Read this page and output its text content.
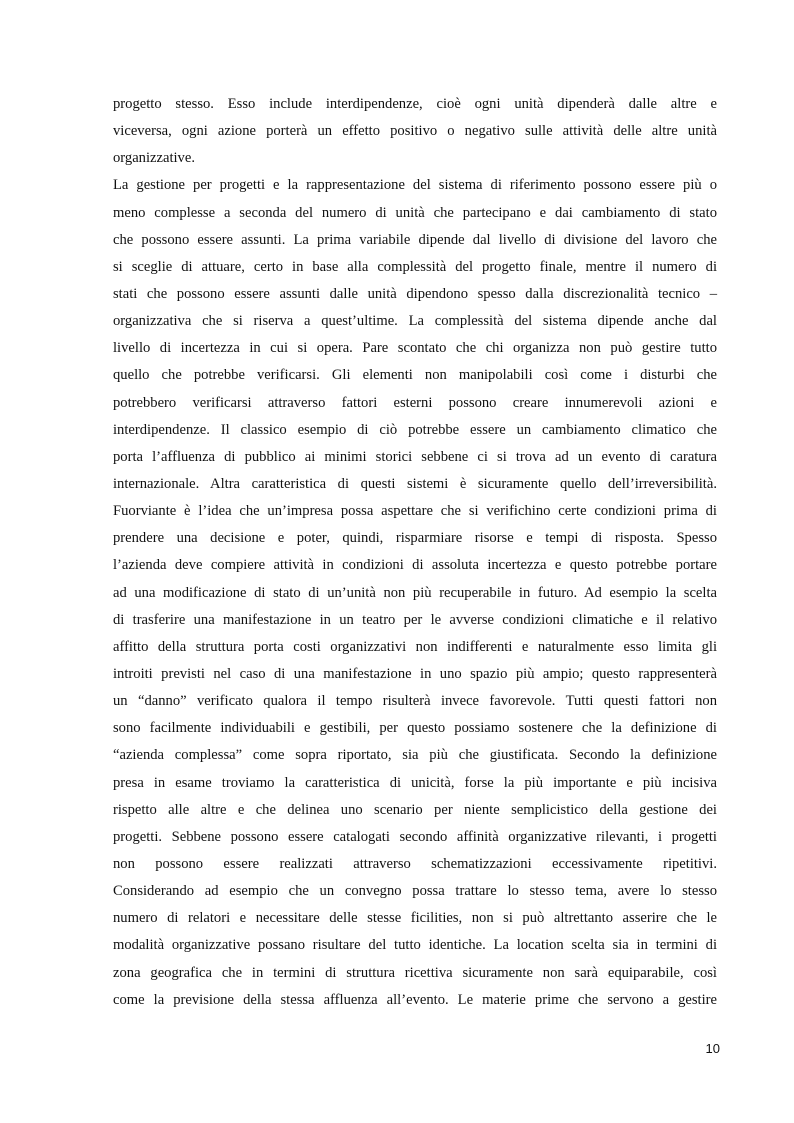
progetto stesso. Esso include interdipendenze, cioè ogni unità dipenderà dalle altre e
viceversa, ogni azione porterà un effetto positivo o negativo sulle attività delle altre unità
organizzative.
La gestione per progetti e la rappresentazione del sistema di riferimento possono essere più o
meno complesse a seconda del numero di unità che partecipano e dai cambiamento di stato
che possono essere assunti. La prima variabile dipende dal livello di divisione del lavoro che
si sceglie di attuare, certo in base alla complessità del progetto finale, mentre il numero di
stati che possono essere assunti dalle unità dipendono spesso dalla discrezionalità tecnico –
organizzativa che si riserva a quest’ultime. La complessità del sistema dipende anche dal
livello di incertezza in cui si opera. Pare scontato che chi organizza non può gestire tutto
quello che potrebbe verificarsi. Gli elementi non manipolabili così come i disturbi che
potrebbero verificarsi attraverso fattori esterni possono creare innumerevoli azioni e
interdipendenze. Il classico esempio di ciò potrebbe essere un cambiamento climatico che
porta l’affluenza di pubblico ai minimi storici sebbene ci si trova ad un evento di caratura
internazionale. Altra caratteristica di questi sistemi è sicuramente quello dell’irreversibilità.
Fuorviante è l’idea che un’impresa possa aspettare che si verifichino certe condizioni prima di
prendere una decisione e poter, quindi, risparmiare risorse e tempi di risposta. Spesso
l’azienda deve compiere attività in condizioni di assoluta incertezza e questo potrebbe portare
ad una modificazione di stato di un’unità non più recuperabile in futuro. Ad esempio la scelta
di trasferire una manifestazione in un teatro per le avverse condizioni climatiche e il relativo
affitto della struttura porta costi organizzativi non indifferenti e naturalmente esso limita gli
introiti previsti nel caso di una manifestazione in uno spazio più ampio; questo rappresenterà
un “danno” verificato qualora il tempo risulterà invece favorevole. Tutti questi fattori non
sono facilmente individuabili e gestibili, per questo possiamo sostenere che la definizione di
“azienda complessa” come sopra riportato, sia più che giustificata. Secondo la definizione
presa in esame troviamo la caratteristica di unicità, forse la più importante e più incisiva
rispetto alle altre e che delinea uno scenario per niente semplicistico della gestione dei
progetti. Sebbene possono essere catalogati secondo affinità organizzative rilevanti, i progetti
non possono essere realizzati attraverso schematizzazioni eccessivamente ripetitivi.
Considerando ad esempio che un convegno possa trattare lo stesso tema, avere lo stesso
numero di relatori e necessitare delle stesse ficilities, non si può altrettanto asserire che le
modalità organizzative possano risultare del tutto identiche. La location scelta sia in termini di
zona geografica che in termini di struttura ricettiva sicuramente non sarà equiparabile, così
come la previsione della stessa affluenza all’evento. Le materie prime che servono a gestire
10
